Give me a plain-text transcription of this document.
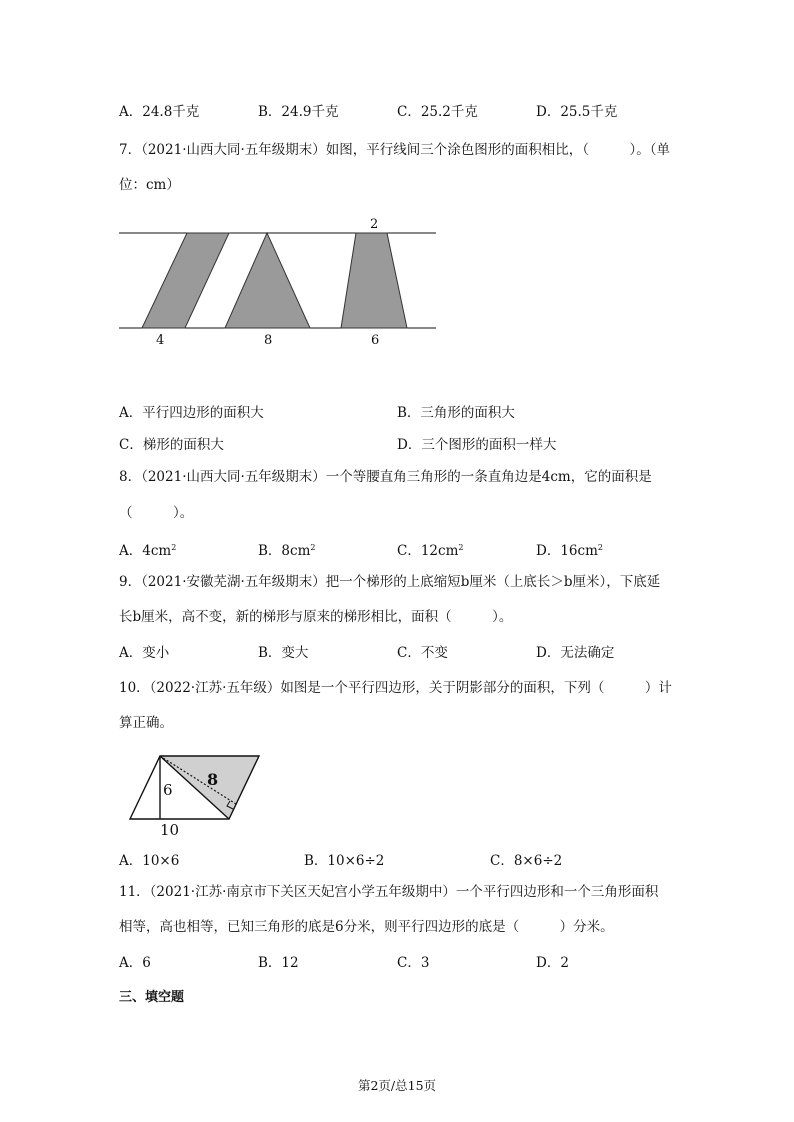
A．24.8千克	B．24.9千克	C．25.2千克	D．25.5千克
7．（2021·山西大同·五年级期末）如图，平行线间三个涂色图形的面积相比，（　　　）。（单
位：cm）
2
4	8	6
A．平行四边形的面积大	B．三角形的面积大
C．梯形的面积大	D．三个图形的面积一样大
8．（2021·山西大同·五年级期末）一个等腰直角三角形的一条直角边是4cm，它的面积是
（　　　）。
A．$4cm^2$	B．$8cm^2$	C．$12cm^2$	D．$16cm^2$
9．（2021·安徽芜湖·五年级期末）把一个梯形的上底缩短b厘米（上底长＞b厘米），下底延
长b厘米，高不变，新的梯形与原来的梯形相比，面积（　　　）。
A．变小	B．变大	C．不变	D．无法确定
10．（2022·江苏·五年级）如图是一个平行四边形，关于阴影部分的面积，下列（　　　）计
算正确。
8
6
10
A．10×6	B．10×6÷2	C．8×6÷2
11．（2021·江苏·南京市下关区天妃宫小学五年级期中）一个平行四边形和一个三角形面积
相等，高也相等，已知三角形的底是6分米，则平行四边形的底是（　　　）分米。
A．6	B．12	C．3	D．2
三、填空题
第2页/总15页
